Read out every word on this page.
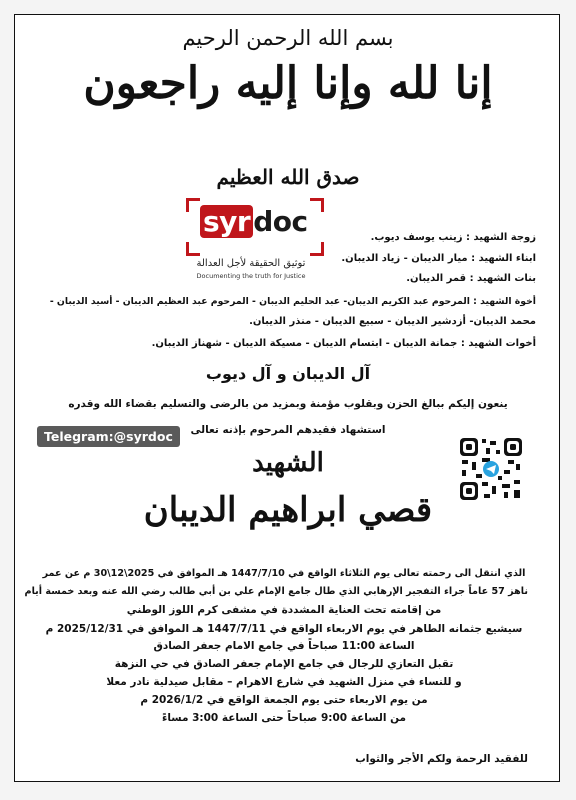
بسم الله الرحمن الرحيم
إنا لله وإنا إليه راجعون
صدق الله العظيم
syr doc
توثيق الحقيقة لأجل العدالة
Documenting the truth for Justice
زوجة الشهيد : زينب يوسف ديوب.
ابناء الشهيد : ميار الديبان - زياد الديبان.
بنات الشهيد : قمر الديبان.
أخوة الشهيد : المرحوم عبد الكريم الديبان- عبد الحليم الديبان - المرحوم عبد العظيم الديبان - أسيد الديبان -
محمد الديبان- أزدشير الديبان - سبيع الديبان - منذر الديبان.
أخوات الشهيد : جمانة الديبان - ابتسام الديبان - مسيكة الديبان - شهناز الديبان.
آل الديبان و آل ديوب
ينعون إليكم ببالغ الحزن وبقلوب مؤمنة وبمزيد من بالرضى والتسليم بقضاء الله وقدره
استشهاد فقيدهم المرحوم بإذنه تعالى
Telegram:@syrdoc
الشهيد
قصي ابراهيم الديبان
الذي انتقل الى رحمته تعالى يوم الثلاثاء الواقع في 1447/7/10 هـ الموافق في 2025\12\30 م عن عمر
ناهز 57 عاماً جراء التفجير الإرهابي الذي طال جامع الإمام علي بن أبي طالب رضي الله عنه وبعد خمسة أيام
من إقامته تحت العناية المشددة في مشفى كرم اللوز الوطني
سيشيع جثمانه الطاهر في يوم الاربعاء الواقع في 1447/7/11 هـ الموافق في 2025/12/31 م
الساعة 11:00 صباحاً في جامع الامام جعفر الصادق
تقبل التعازي للرجال في جامع الإمام جعفر الصادق في حي النزهة
و للنساء في منزل الشهيد في شارع الاهرام – مقابل صيدلية نادر معلا
من يوم الاربعاء حتى يوم الجمعة الواقع في 2026/1/2 م
من الساعة 9:00 صباحاً حتى الساعة 3:00 مساءً
للفقيد الرحمة ولكم الأجر والثواب
